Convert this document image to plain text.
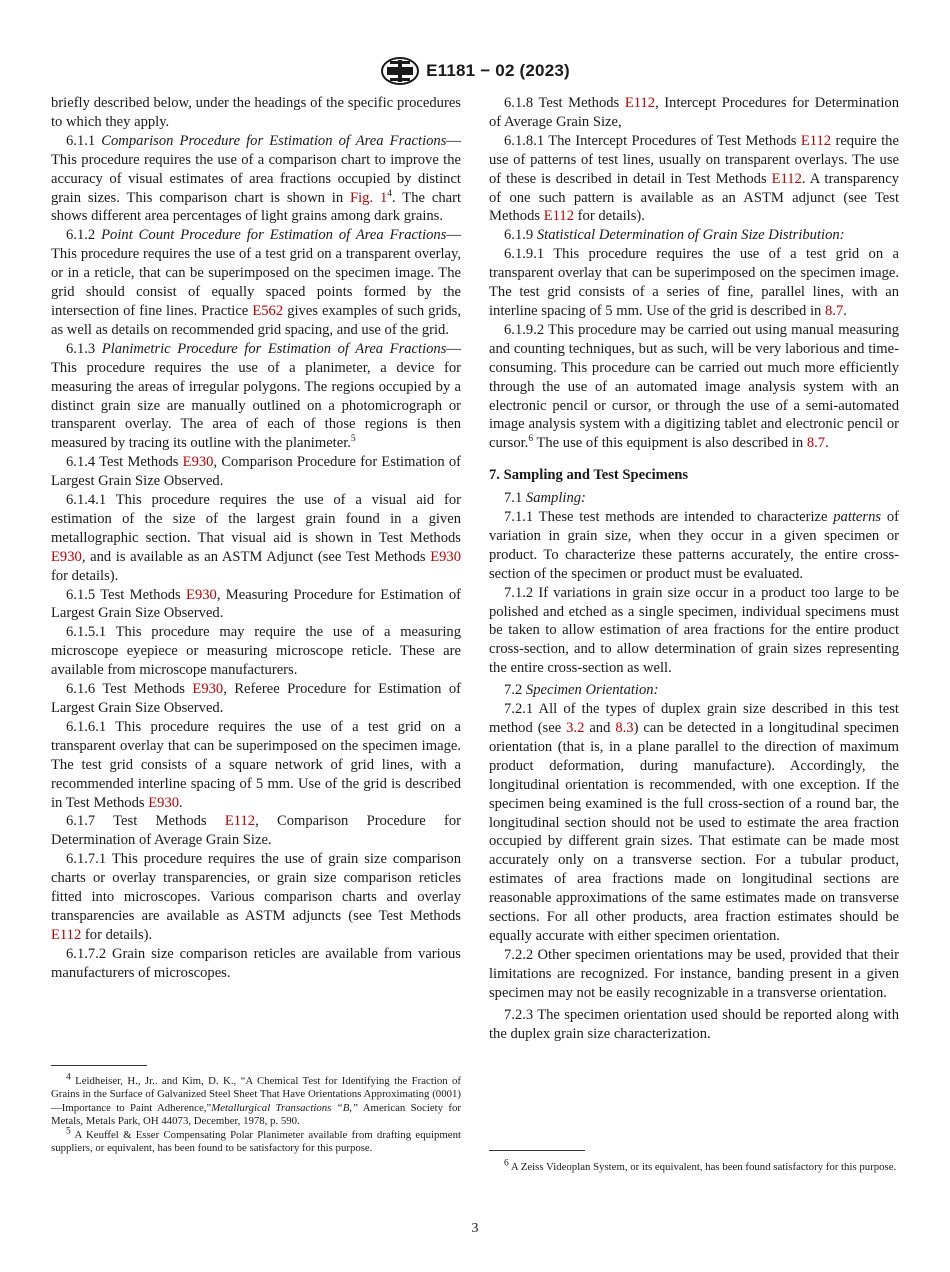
E1181 − 02 (2023)

briefly described below, under the headings of the specific procedures to which they apply.

6.1.1 Comparison Procedure for Estimation of Area Fractions—This procedure requires the use of a comparison chart to improve the accuracy of visual estimates of area fractions occupied by distinct grain sizes. This comparison chart is shown in Fig. $1^4$. The chart shows different area percentages of light grains among dark grains.

6.1.2 Point Count Procedure for Estimation of Area Fractions—This procedure requires the use of a test grid on a transparent overlay, or in a reticle, that can be superimposed on the specimen image. The grid should consist of equally spaced points formed by the intersection of fine lines. Practice E562 gives examples of such grids, as well as details on recommended grid spacing, and use of the grid.

6.1.3 Planimetric Procedure for Estimation of Area Fractions—This procedure requires the use of a planimeter, a device for measuring the areas of irregular polygons. The regions occupied by a distinct grain size are manually outlined on a photomicrograph or transparent overlay. The area of each of those regions is then measured by tracing its outline with the planimeter.$^5$

6.1.4 Test Methods E930, Comparison Procedure for Estimation of Largest Grain Size Observed.

6.1.4.1 This procedure requires the use of a visual aid for estimation of the size of the largest grain found in a given metallographic section. That visual aid is shown in Test Methods E930, and is available as an ASTM Adjunct (see Test Methods E930 for details).

6.1.5 Test Methods E930, Measuring Procedure for Estimation of Largest Grain Size Observed.

6.1.5.1 This procedure may require the use of a measuring microscope eyepiece or measuring microscope reticle. These are available from microscope manufacturers.

6.1.6 Test Methods E930, Referee Procedure for Estimation of Largest Grain Size Observed.

6.1.6.1 This procedure requires the use of a test grid on a transparent overlay that can be superimposed on the specimen image. The test grid consists of a square network of grid lines, with a recommended interline spacing of 5 mm. Use of the grid is described in Test Methods E930.

6.1.7 Test Methods E112, Comparison Procedure for Determination of Average Grain Size.

6.1.7.1 This procedure requires the use of grain size comparison charts or overlay transparencies, or grain size comparison reticles fitted into microscopes. Various comparison charts and overlay transparencies are available as ASTM adjuncts (see Test Methods E112 for details).

6.1.7.2 Grain size comparison reticles are available from various manufacturers of microscopes.

6.1.8 Test Methods E112, Intercept Procedures for Determination of Average Grain Size,

6.1.8.1 The Intercept Procedures of Test Methods E112 require the use of patterns of test lines, usually on transparent overlays. The use of these is described in detail in Test Methods E112. A transparency of one such pattern is available as an ASTM adjunct (see Test Methods E112 for details).

6.1.9 Statistical Determination of Grain Size Distribution:

6.1.9.1 This procedure requires the use of a test grid on a transparent overlay that can be superimposed on the specimen image. The test grid consists of a series of fine, parallel lines, with an interline spacing of 5 mm. Use of the grid is described in 8.7.

6.1.9.2 This procedure may be carried out using manual measuring and counting techniques, but as such, will be very laborious and time-consuming. This procedure can be carried out much more efficiently through the use of an automated image analysis system with an electronic pencil or cursor, or through the use of a semi-automated image analysis system with a digitizing tablet and electronic pencil or cursor.$^6$ The use of this equipment is also described in 8.7.

7. Sampling and Test Specimens

7.1 Sampling:

7.1.1 These test methods are intended to characterize patterns of variation in grain size, when they occur in a given specimen or product. To characterize these patterns accurately, the entire cross-section of the specimen or product must be evaluated.

7.1.2 If variations in grain size occur in a product too large to be polished and etched as a single specimen, individual specimens must be taken to allow estimation of area fractions for the entire product cross-section, and to allow determination of grain sizes representing the entire cross-section as well.

7.2 Specimen Orientation:

7.2.1 All of the types of duplex grain size described in this test method (see 3.2 and 8.3) can be detected in a longitudinal specimen orientation (that is, in a plane parallel to the direction of maximum product deformation, during manufacture). Accordingly, the longitudinal orientation is recommended, with one exception. If the specimen being examined is the full cross-section of a round bar, the longitudinal section should not be used to estimate the area fraction occupied by different grain sizes. That estimate can be made most accurately only on a transverse section. For a tubular product, estimates of area fractions made on longitudinal sections are reasonable approximations of the same estimates made on transverse sections. For all other products, area fraction estimates should be equally accurate with either specimen orientation.

7.2.2 Other specimen orientations may be used, provided that their limitations are recognized. For instance, banding present in a given specimen may not be easily recognizable in a transverse orientation.

7.2.3 The specimen orientation used should be reported along with the duplex grain size characterization.

$^4$ Leidheiser, H., Jr.. and Kim, D. K., “A Chemical Test for Identifying the Fraction of Grains in the Surface of Galvanized Steel Sheet That Have Orientations Approximating (0001)—Importance to Paint Adherence,”Metallurgical Transactions “B,” American Society for Metals, Metals Park, OH 44073, December, 1978, p. 590.

$^5$ A Keuffel & Esser Compensating Polar Planimeter available from drafting equipment suppliers, or equivalent, has been found to be satisfactory for this purpose.

$^6$ A Zeiss Videoplan System, or its equivalent, has been found satisfactory for this purpose.

3
